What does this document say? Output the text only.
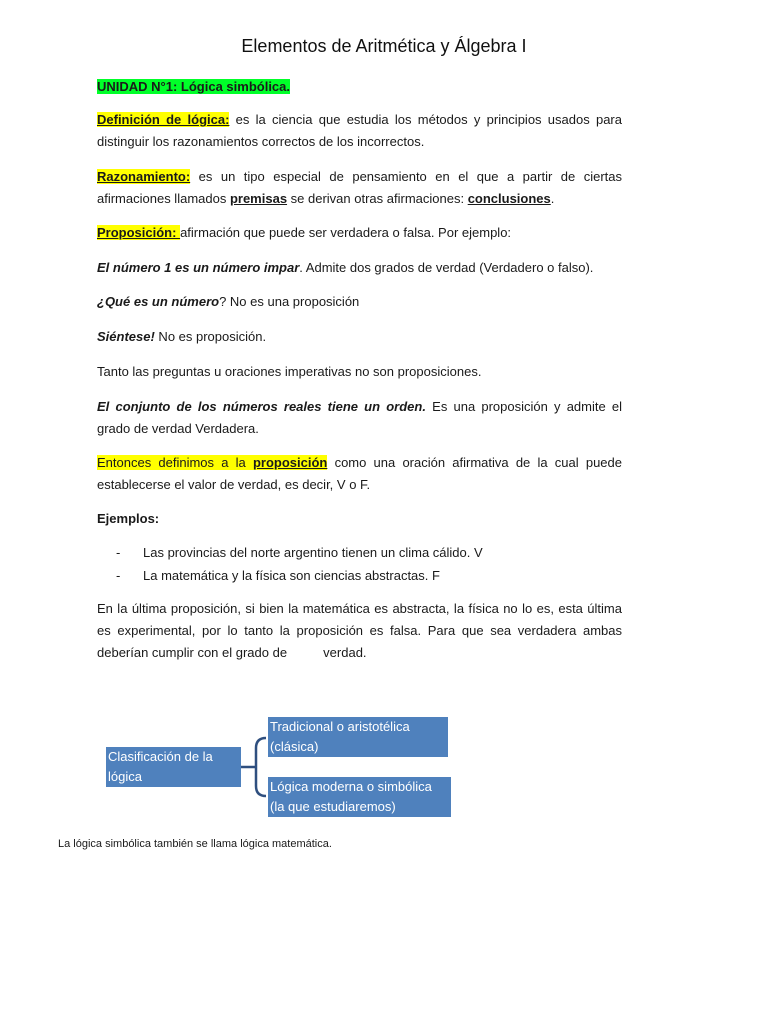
Elementos de Aritmética y Álgebra I
UNIDAD N°1: Lógica simbólica.
Definición de lógica: es la ciencia que estudia los métodos y principios usados para distinguir los razonamientos correctos de los incorrectos.
Razonamiento: es un tipo especial de pensamiento en el que a partir de ciertas afirmaciones llamados premisas se derivan otras afirmaciones: conclusiones.
Proposición: afirmación que puede ser verdadera o falsa. Por ejemplo:
El número 1 es un número impar. Admite dos grados de verdad (Verdadero o falso).
¿Qué es un número? No es una proposición
Siéntese! No es proposición.
Tanto las preguntas u oraciones imperativas no son proposiciones.
El conjunto de los números reales tiene un orden. Es una proposición y admite el grado de verdad Verdadera.
Entonces definimos a la proposición como una oración afirmativa de la cual puede establecerse el valor de verdad, es decir, V o F.
Ejemplos:
- Las provincias del norte argentino tienen un clima cálido. V
- La matemática y la física son ciencias abstractas. F
En la última proposición, si bien la matemática es abstracta, la física no lo es, esta última es experimental, por lo tanto la proposición es falsa. Para que sea verdadera ambas deberían cumplir con el grado de          verdad.
Clasificación de la
lógica
Tradicional o aristotélica
(clásica)
Lógica moderna o simbólica
(la que estudiaremos)
La lógica simbólica también se llama lógica matemática.
